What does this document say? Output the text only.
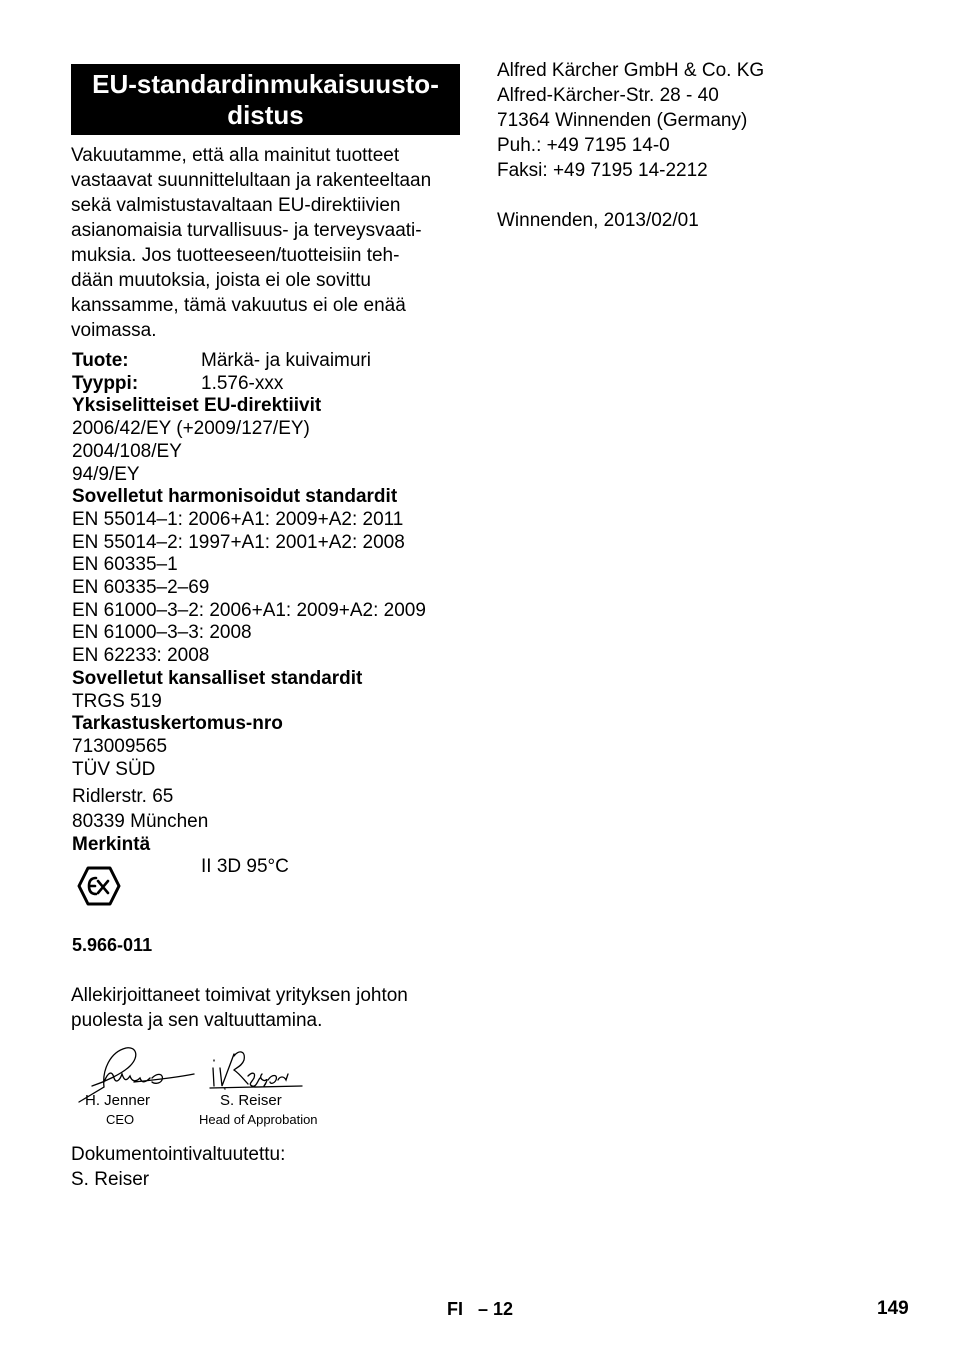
EU-standardinmukaisuusto-
distus
Vakuutamme, että alla mainitut tuotteet
vastaavat suunnittelultaan ja rakenteeltaan
sekä valmistustavaltaan EU-direktiivien
asianomaisia turvallisuus- ja terveysvaati-
muksia. Jos tuotteeseen/tuotteisiin teh-
dään muutoksia, joista ei ole sovittu
kanssamme, tämä vakuutus ei ole enää
voimassa.
Tuote:	Märkä- ja kuivaimuri
Tyyppi:	1.576-xxx
Yksiselitteiset EU-direktiivit
2006/42/EY (+2009/127/EY)
2004/108/EY
94/9/EY
Sovelletut harmonisoidut standardit
EN 55014–1: 2006+A1: 2009+A2: 2011
EN 55014–2: 1997+A1: 2001+A2: 2008
EN 60335–1
EN 60335–2–69
EN 61000–3–2: 2006+A1: 2009+A2: 2009
EN 61000–3–3: 2008
EN 62233: 2008
Sovelletut kansalliset standardit
TRGS 519
Tarkastuskertomus-nro
713009565
TÜV SÜD
Ridlerstr. 65
80339 München
Merkintä
II 3D 95°C
5.966-011
Allekirjoittaneet toimivat yrityksen johton
puolesta ja sen valtuuttamina.
H. Jenner
CEO
S. Reiser
Head of Approbation
Dokumentointivaltuutettu:
S. Reiser
Alfred Kärcher GmbH & Co. KG
Alfred-Kärcher-Str. 28 - 40
71364 Winnenden (Germany)
Puh.: +49 7195 14-0
Faksi: +49 7195 14-2212
Winnenden, 2013/02/01
FI – 12	149
